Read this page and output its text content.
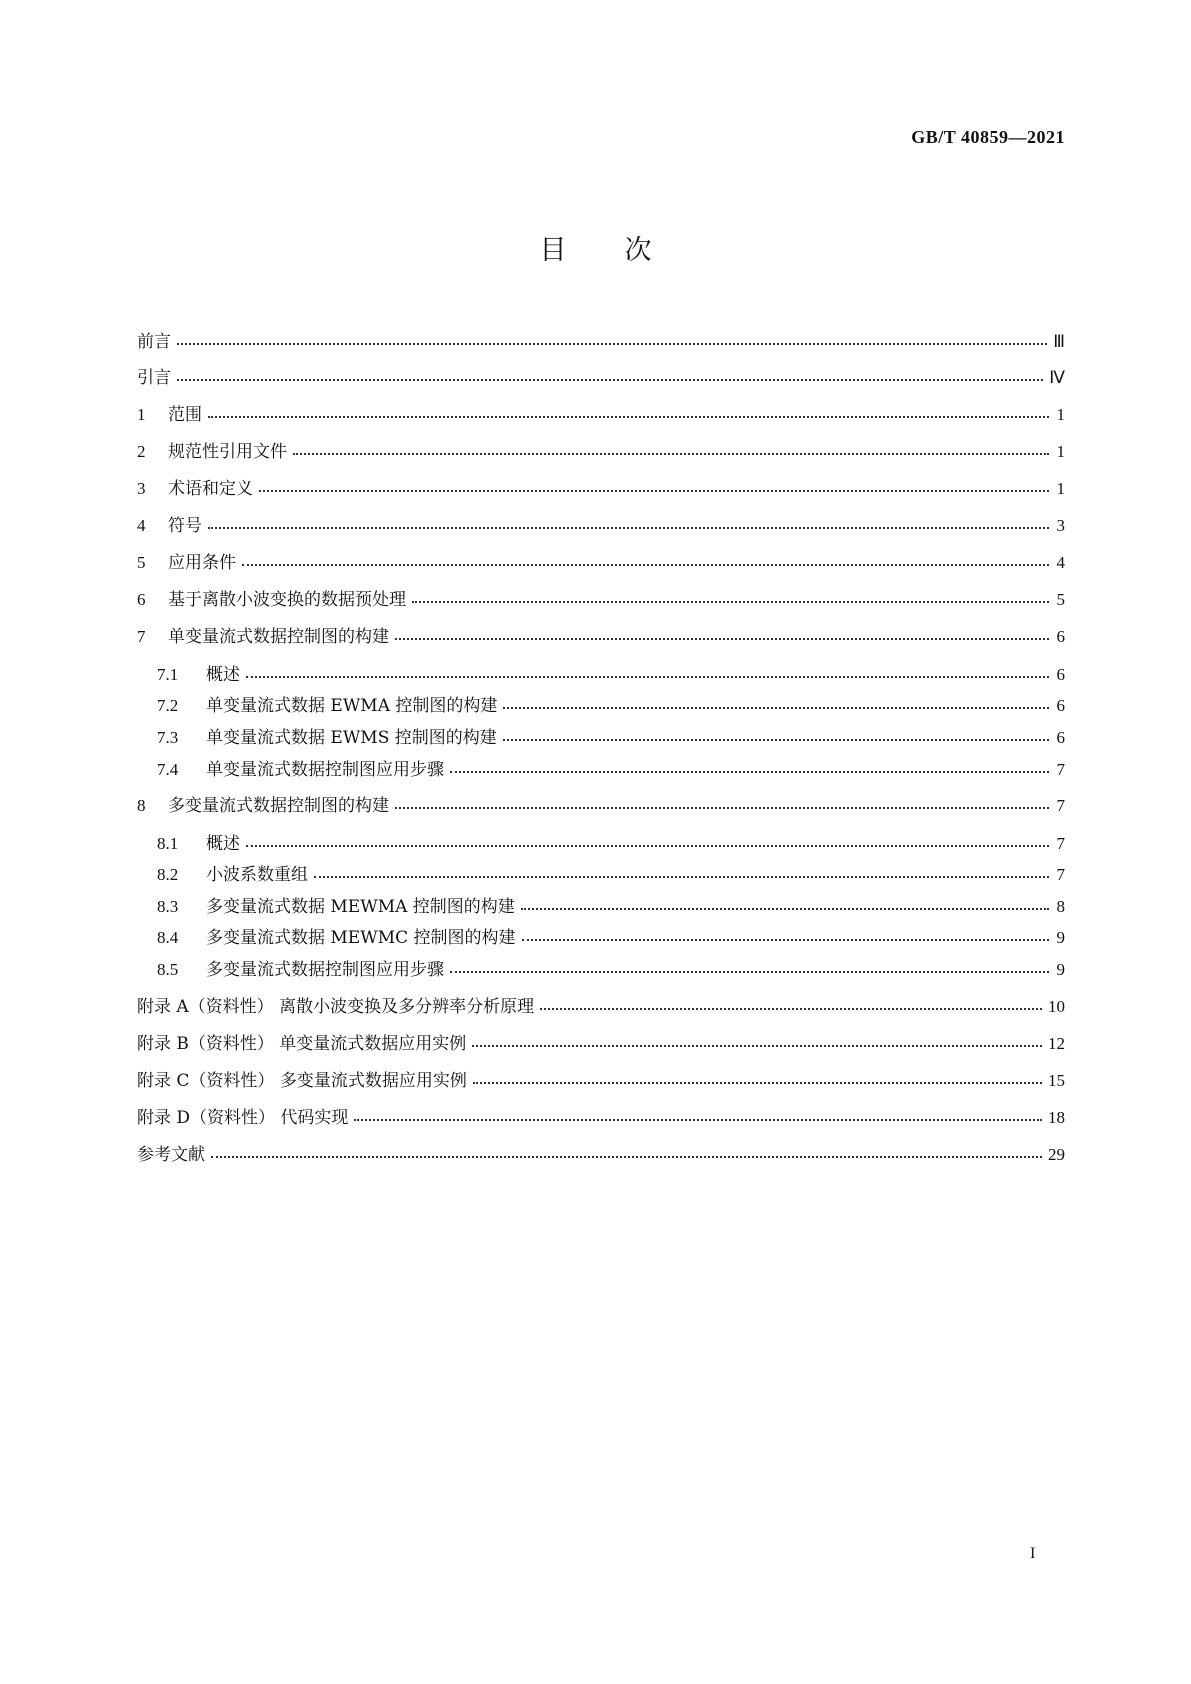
GB/T 40859—2021
目次
前言	Ⅲ
引言	Ⅳ
1	范围	1
2	规范性引用文件	1
3	术语和定义	1
4	符号	3
5	应用条件	4
6	基于离散小波变换的数据预处理	5
7	单变量流式数据控制图的构建	6
7.1	概述	6
7.2	单变量流式数据 EWMA 控制图的构建	6
7.3	单变量流式数据 EWMS 控制图的构建	6
7.4	单变量流式数据控制图应用步骤	7
8	多变量流式数据控制图的构建	7
8.1	概述	7
8.2	小波系数重组	7
8.3	多变量流式数据 MEWMA 控制图的构建	8
8.4	多变量流式数据 MEWMC 控制图的构建	9
8.5	多变量流式数据控制图应用步骤	9
附录 A（资料性） 离散小波变换及多分辨率分析原理	10
附录 B（资料性） 单变量流式数据应用实例	12
附录 C（资料性） 多变量流式数据应用实例	15
附录 D（资料性） 代码实现	18
参考文献	29
I
